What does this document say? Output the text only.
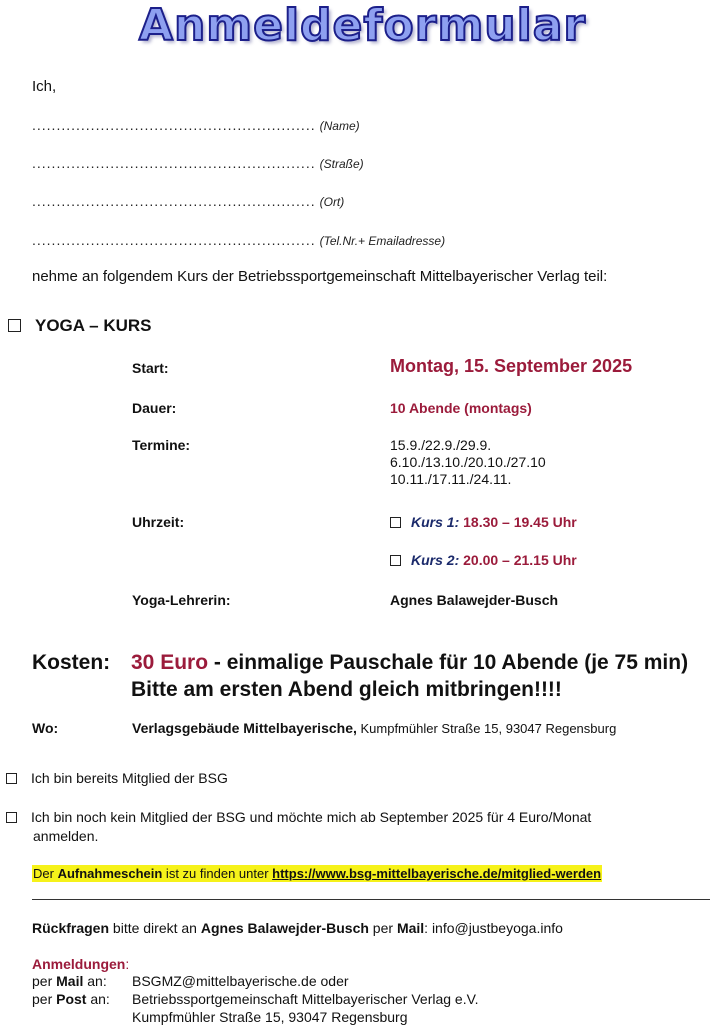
Anmeldeformular
Ich,
.......................................................... (Name)
.......................................................... (Straße)
.......................................................... (Ort)
.......................................................... (Tel.Nr.+ Emailadresse)
nehme an folgendem Kurs der Betriebssportgemeinschaft Mittelbayerischer Verlag teil:
YOGA – KURS
Start:	Montag, 15. September 2025
Dauer:	10 Abende (montags)
Termine:	15.9./22.9./29.9.
6.10./13.10./20.10./27.10
10.11./17.11./24.11.
Uhrzeit:	Kurs 1: 18.30 – 19.45 Uhr
Kurs 2: 20.00 – 21.15 Uhr
Yoga-Lehrerin:	Agnes Balawejder-Busch
Kosten: 30 Euro - einmalige Pauschale für 10 Abende (je 75 min)
Bitte am ersten Abend gleich mitbringen!!!!
Wo:	Verlagsgebäude Mittelbayerische, Kumpfmühler Straße 15, 93047 Regensburg
Ich bin bereits Mitglied der BSG
Ich bin noch kein Mitglied der BSG und möchte mich ab September 2025 für 4 Euro/Monat
anmelden.
Der Aufnahmeschein ist zu finden unter https://www.bsg-mittelbayerische.de/mitglied-werden
Rückfragen bitte direkt an Agnes Balawejder-Busch per Mail: info@justbeyoga.info
Anmeldungen:
per Mail an: BSGMZ@mittelbayerische.de oder
per Post an: Betriebssportgemeinschaft Mittelbayerischer Verlag e.V.
Kumpfmühler Straße 15, 93047 Regensburg
